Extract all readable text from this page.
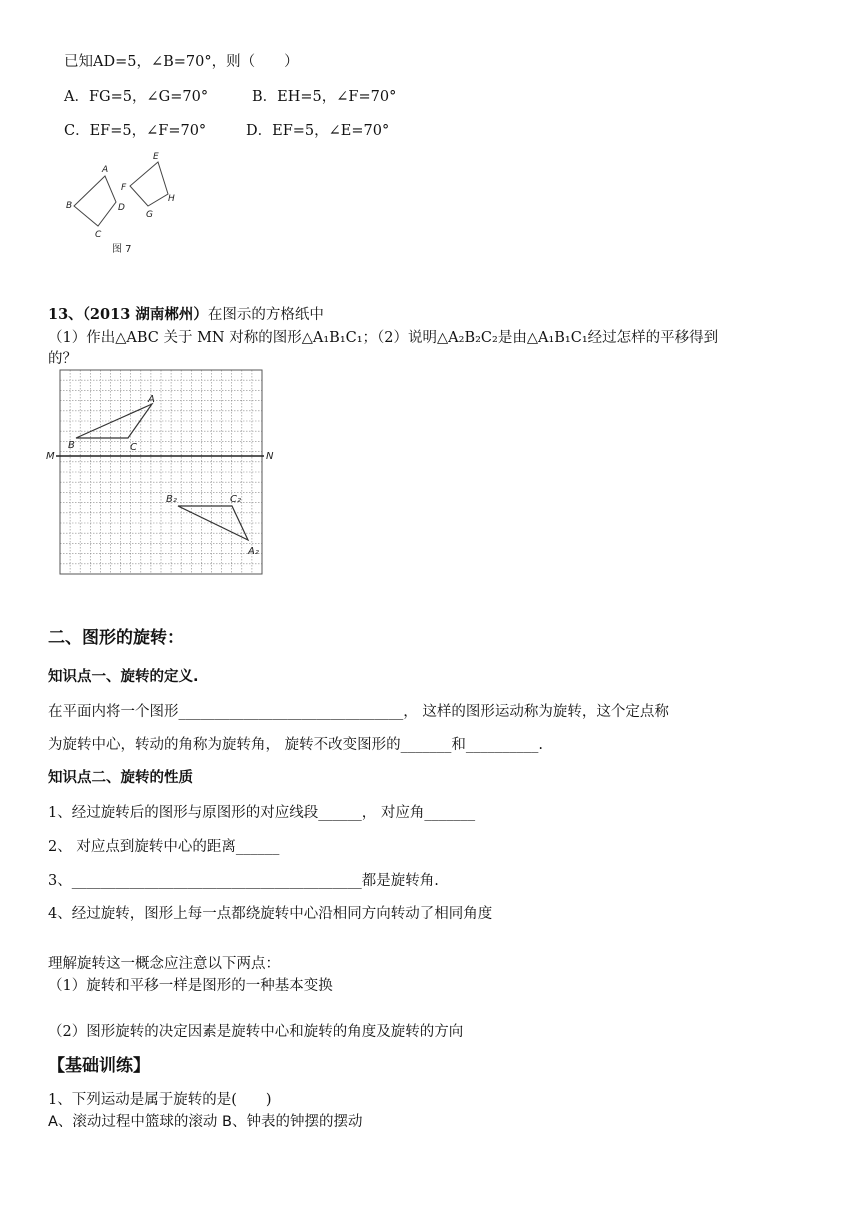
已知AD=5，∠B=70°，则（　　）
A．FG=5，∠G=70°	B．EH=5，∠F=70°
C．EF=5，∠F=70°	D．EF=5，∠E=70°
A
B
C
D
E
F
G
H
图 7
13、（2013 湖南郴州）在图示的方格纸中
（1）作出△ABC 关于 MN 对称的图形△A₁B₁C₁；（2）说明△A₂B₂C₂是由△A₁B₁C₁经过怎样的平移得到
的？
A
B	C
M	N
B₂	C₂
A₂
二、图形的旋转：
知识点一、旋转的定义.
在平面内将一个图形_______________________________， 这样的图形运动称为旋转，这个定点称
为旋转中心，转动的角称为旋转角， 旋转不改变图形的_______和__________.
知识点二、旋转的性质
1、经过旋转后的图形与原图形的对应线段______， 对应角_______
2、 对应点到旋转中心的距离______
3、________________________________________都是旋转角.
4、经过旋转，图形上每一点都绕旋转中心沿相同方向转动了相同角度
理解旋转这一概念应注意以下两点：
（1）旋转和平移一样是图形的一种基本变换
（2）图形旋转的决定因素是旋转中心和旋转的角度及旋转的方向
【基础训练】
1、下列运动是属于旋转的是(　　)
A、滚动过程中篮球的滚动 B、钟表的钟摆的摆动
